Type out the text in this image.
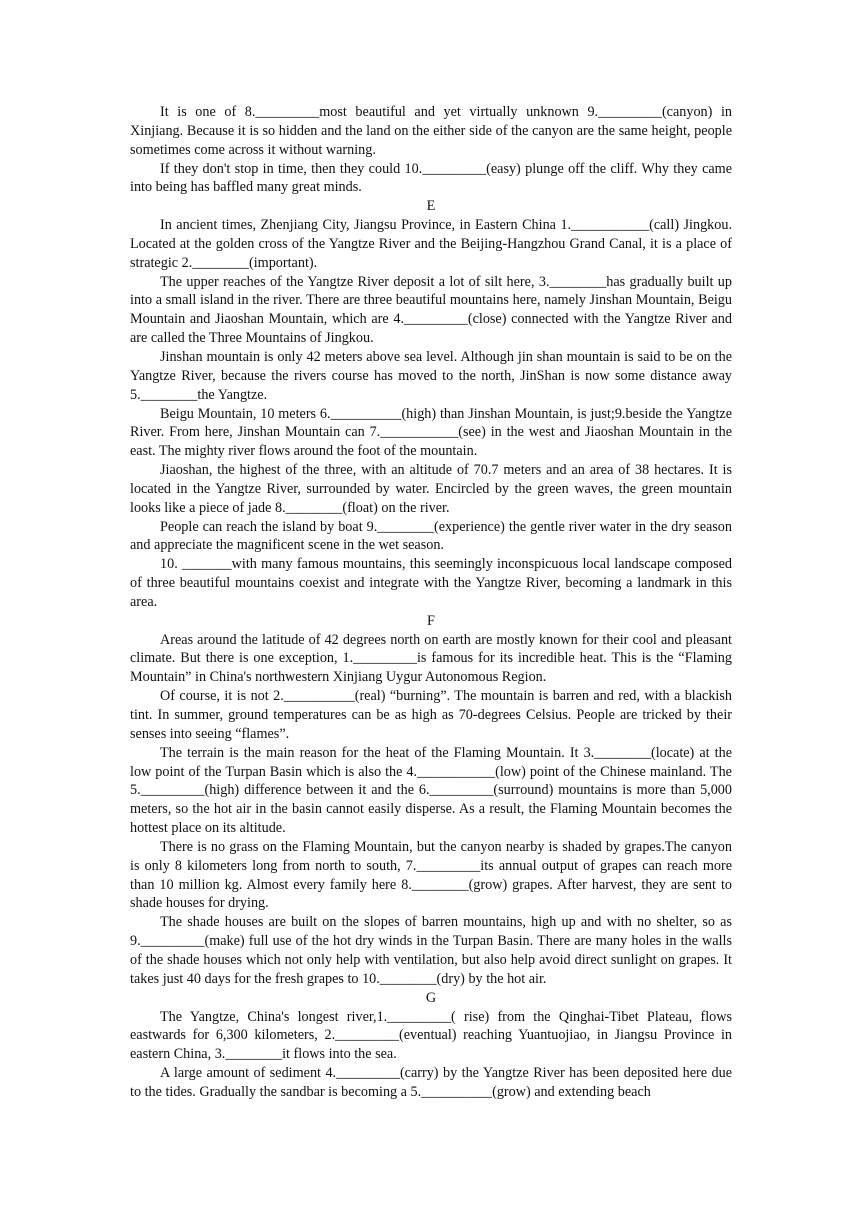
It is one of 8._________most beautiful and yet virtually unknown 9._________(canyon) in Xinjiang. Because it is so hidden and the land on the either side of the canyon are the same height, people sometimes come across it without warning.

If they don't stop in time, then they could 10._________(easy) plunge off the cliff. Why they came into being has baffled many great minds.

E

In ancient times, Zhenjiang City, Jiangsu Province, in Eastern China 1.___________(call) Jingkou. Located at the golden cross of the Yangtze River and the Beijing-Hangzhou Grand Canal, it is a place of strategic 2.________(important).

The upper reaches of the Yangtze River deposit a lot of silt here, 3.________has gradually built up into a small island in the river. There are three beautiful mountains here, namely Jinshan Mountain, Beigu Mountain and Jiaoshan Mountain, which are 4._________(close) connected with the Yangtze River and are called the Three Mountains of Jingkou.

Jinshan mountain is only 42 meters above sea level. Although jin shan mountain is said to be on the Yangtze River, because the rivers course has moved to the north, JinShan is now some distance away 5.________the Yangtze.

Beigu Mountain, 10 meters 6.__________(high) than Jinshan Mountain, is just;9.beside the Yangtze River. From here, Jinshan Mountain can 7.___________(see) in the west and Jiaoshan Mountain in the east. The mighty river flows around the foot of the mountain.

Jiaoshan, the highest of the three, with an altitude of 70.7 meters and an area of 38 hectares. It is located in the Yangtze River, surrounded by water. Encircled by the green waves, the green mountain looks like a piece of jade 8.________(float) on the river.

People can reach the island by boat 9.________(experience) the gentle river water in the dry season and appreciate the magnificent scene in the wet season.

10. _______with many famous mountains, this seemingly inconspicuous local landscape composed of three beautiful mountains coexist and integrate with the Yangtze River, becoming a landmark in this area.

F

Areas around the latitude of 42 degrees north on earth are mostly known for their cool and pleasant climate. But there is one exception, 1._________is famous for its incredible heat. This is the “Flaming Mountain” in China's northwestern Xinjiang Uygur Autonomous Region.

Of course, it is not 2.__________(real) “burning”. The mountain is barren and red, with a blackish tint. In summer, ground temperatures can be as high as 70-degrees Celsius. People are tricked by their senses into seeing “flames”.

The terrain is the main reason for the heat of the Flaming Mountain. It 3.________(locate) at the low point of the Turpan Basin which is also the 4.___________(low) point of the Chinese mainland. The 5._________(high) difference between it and the 6._________(surround) mountains is more than 5,000 meters, so the hot air in the basin cannot easily disperse. As a result, the Flaming Mountain becomes the hottest place on its altitude.

There is no grass on the Flaming Mountain, but the canyon nearby is shaded by grapes.The canyon is only 8 kilometers long from north to south, 7._________its annual output of grapes can reach more than 10 million kg. Almost every family here 8.________(grow) grapes. After harvest, they are sent to shade houses for drying.

The shade houses are built on the slopes of barren mountains, high up and with no shelter, so as 9._________(make) full use of the hot dry winds in the Turpan Basin. There are many holes in the walls of the shade houses which not only help with ventilation, but also help avoid direct sunlight on grapes. It takes just 40 days for the fresh grapes to 10.________(dry) by the hot air.

G

The Yangtze, China's longest river,1._________( rise) from the Qinghai-Tibet Plateau, flows eastwards for 6,300 kilometers, 2._________(eventual) reaching Yuantuojiao, in Jiangsu Province in eastern China, 3.________it flows into the sea.

A large amount of sediment 4._________(carry) by the Yangtze River has been deposited here due to the tides. Gradually the sandbar is becoming a 5.__________(grow) and extending beach
